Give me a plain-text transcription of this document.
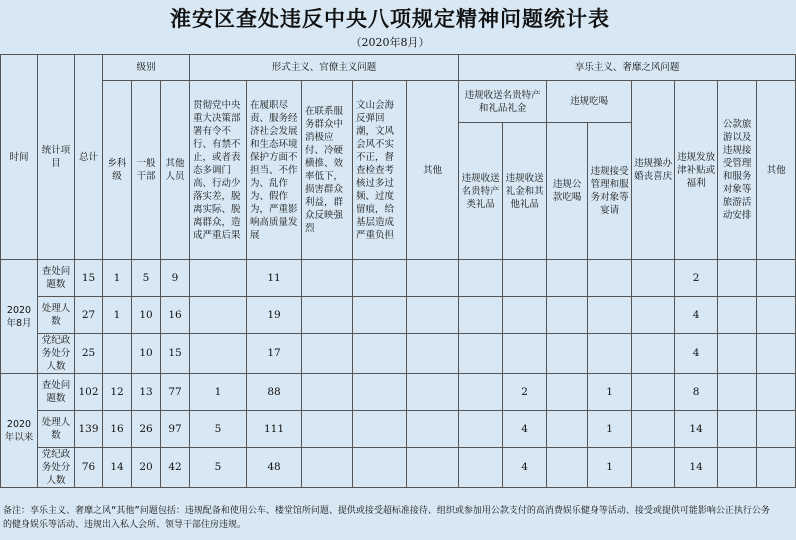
淮安区查处违反中央八项规定精神问题统计表
（2020年8月）
时间	统计项目	总计	级别			形式主义、官僚主义问题					享乐主义、奢靡之风问题								
			乡科级	一般干部	其他人员	贯彻党中央重大决策部署有令不行、有禁不止，或者表态多调门高、行动少落实差，脱离实际、脱离群众，造成严重后果	在履职尽责、服务经济社会发展和生态环境保护方面不担当、不作为、乱作为、假作为，严重影响高质量发展	在联系服务群众中消极应付、冷硬横推、效率低下，损害群众利益，群众反映强烈	文山会海反弹回潮，文风会风不实不正，督查检查考核过多过频、过度留痕，给基层造成严重负担	其他	违规收送名贵特产和礼品礼金		违规吃喝		违规操办婚丧喜庆	违规发放津补贴或福利	公款旅游以及违规接受管理和服务对象等旅游活动安排	其他	

											违规收送名贵特产类礼品	违规收送礼金和其他礼品	违规公款吃喝	违规接受管理和服务对象等宴请					
2020年8月	查处问题数	15	1	5	9		11									2			
	处理人数	27	1	10	16		19									4			
	党纪政务处分人数	25		10	15		17									4			
2020年以来	查处问题数	102	12	13	77	1	88					2		1		8			
	处理人数	139	16	26	97	5	111					4		1		14			
	党纪政务处分人数	76	14	20	42	5	48					4		1		14			
备注：享乐主义、奢靡之风“其他”问题包括：违规配备和使用公车、楼堂馆所问题、提供或接受超标准接待、组织或参加用公款支付的高消费娱乐健身等活动、接受或提供可能影响公正执行公务的健身娱乐等活动、违规出入私人会所、领导干部住房违规。
